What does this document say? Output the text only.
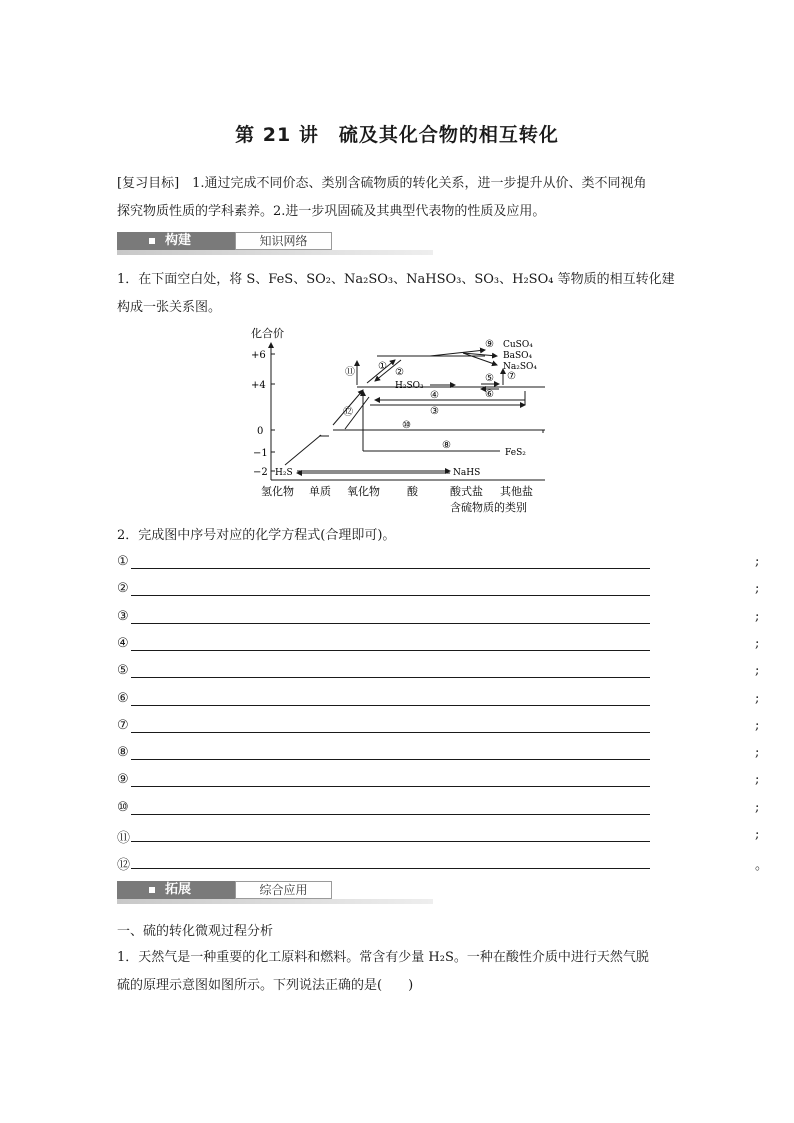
第 21 讲　硫及其化合物的相互转化
[复习目标]　1.通过完成不同价态、类别含硫物质的转化关系，进一步提升从价、类不同视角
探究物质性质的学科素养。2.进一步巩固硫及其典型代表物的性质及应用。
构建	知识网络
1．在下面空白处，将 S、FeS、SO₂、Na₂SO₃、NaHSO₃、SO₃、H₂SO₄ 等物质的相互转化建
构成一张关系图。
化合价
+6
+4
0
−1
−2
氢化物 单质 氧化物 酸	酸式盐 其他盐
含硫物质的类别
H₂S	NaHS
FeS₂
H₂SO₃
CuSO₄
BaSO₄
Na₂SO₄
①
②
③
④
⑤
⑥
⑦
⑧
⑨
⑩
⑪
⑫
2．完成图中序号对应的化学方程式(合理即可)。
①	;
②	;
③	;
④	;
⑤	;
⑥	;
⑦	;
⑧	;
⑨	;
⑩	;
⑪	;
⑫	。
拓展	综合应用
一、硫的转化微观过程分析
1．天然气是一种重要的化工原料和燃料。常含有少量 H₂S。一种在酸性介质中进行天然气脱
硫的原理示意图如图所示。下列说法正确的是(　　)
